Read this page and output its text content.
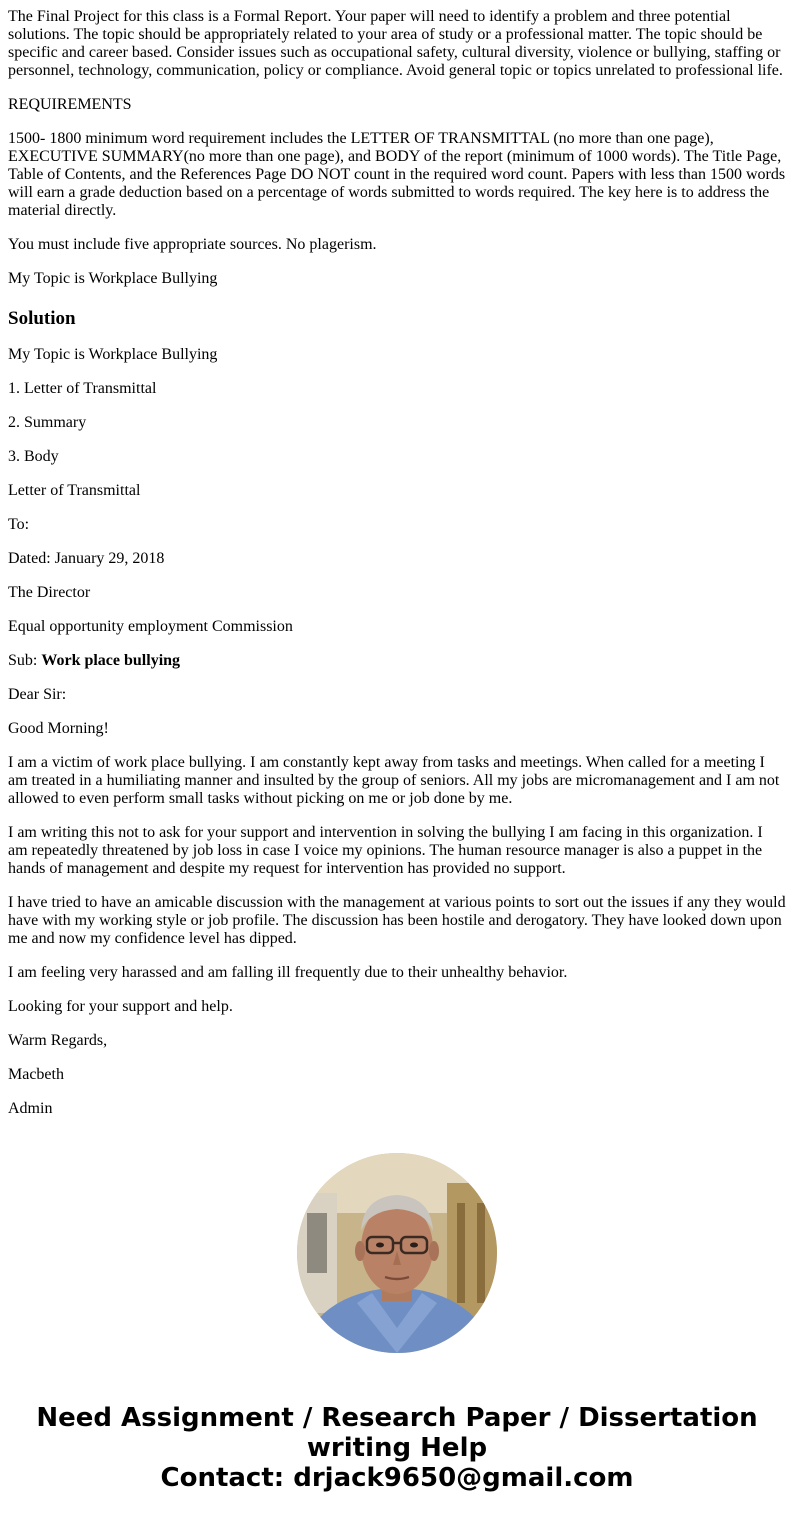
The Final Project for this class is a Formal Report. Your paper will need to identify a problem and three potential solutions. The topic should be appropriately related to your area of study or a professional matter. The topic should be specific and career based. Consider issues such as occupational safety, cultural diversity, violence or bullying, staffing or personnel, technology, communication, policy or compliance. Avoid general topic or topics unrelated to professional life.

REQUIREMENTS

1500- 1800 minimum word requirement includes the LETTER OF TRANSMITTAL (no more than one page), EXECUTIVE SUMMARY(no more than one page), and BODY of the report (minimum of 1000 words). The Title Page, Table of Contents, and the References Page DO NOT count in the required word count. Papers with less than 1500 words will earn a grade deduction based on a percentage of words submitted to words required. The key here is to address the material directly.

You must include five appropriate sources. No plagerism.

My Topic is Workplace Bullying

Solution

My Topic is Workplace Bullying

1. Letter of Transmittal

2. Summary

3. Body

Letter of Transmittal

To:

Dated: January 29, 2018

The Director

Equal opportunity employment Commission

Sub: Work place bullying

Dear Sir:

Good Morning!

I am a victim of work place bullying. I am constantly kept away from tasks and meetings. When called for a meeting I am treated in a humiliating manner and insulted by the group of seniors. All my jobs are micromanagement and I am not allowed to even perform small tasks without picking on me or job done by me.

I am writing this not to ask for your support and intervention in solving the bullying I am facing in this organization. I am repeatedly threatened by job loss in case I voice my opinions. The human resource manager is also a puppet in the hands of management and despite my request for intervention has provided no support.

I have tried to have an amicable discussion with the management at various points to sort out the issues if any they would have with my working style or job profile. The discussion has been hostile and derogatory. They have looked down upon me and now my confidence level has dipped.

I am feeling very harassed and am falling ill frequently due to their unhealthy behavior.

Looking for your support and help.

Warm Regards,

Macbeth

Admin

Need Assignment / Research Paper / Dissertation
writing Help
Contact: drjack9650@gmail.com
